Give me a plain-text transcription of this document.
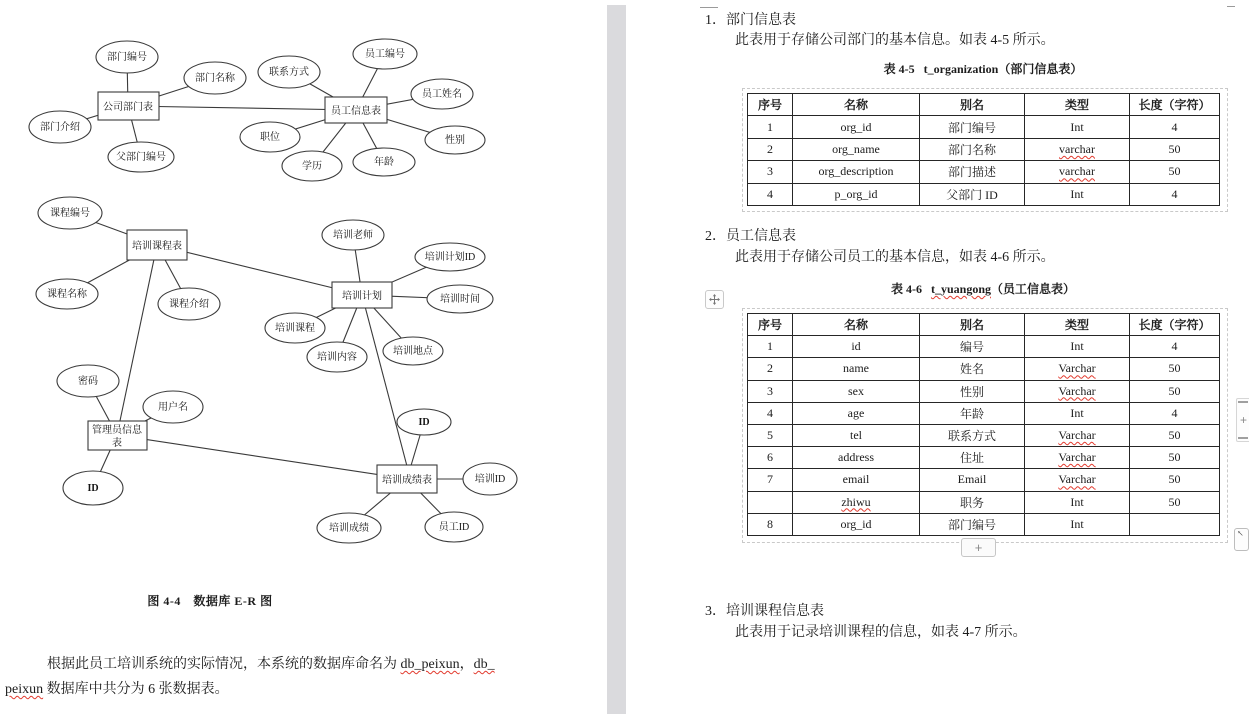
部门编号
部门名称
部门介绍
父部门编号
联系方式
员工编号
员工姓名
性别
职位
学历	年龄
课程编号
课程名称
课程介绍
培训老师
培训计划ID
培训时间
培训课程
培训内容
培训地点
密码
用户名
ID
ID
培训ID
培训成绩	员工ID
公司部门表	员工信息表
培训课程表
培训计划
管理员信息
表
培训成绩表
图 4-4　数据库 E-R 图
根据此员工培训系统的实际情况，本系统的数据库命名为 db_peixun，db_
peixun 数据库中共分为 6 张数据表。
1．部门信息表
此表用于存储公司部门的基本信息。如表 4-5 所示。
表 4-5 t_organization（部门信息表）
序号	名称	别名	类型	长度（字符）
1	org_id	部门编号	Int	4
2	org_name	部门名称	varchar	50
3	org_description	部门描述	varchar	50
4	p_org_id	父部门 ID	Int	4
2．员工信息表
此表用于存储公司员工的基本信息，如表 4-6 所示。
表 4-6 t_yuangong（员工信息表）
序号	名称	别名	类型	长度（字符）
1	id	编号	Int	4
2	name	姓名	Varchar	50
3	sex	性别	Varchar	50
4	age	年龄	Int	4
5	tel	联系方式	Varchar	50
6	address	住址	Varchar	50
7	email	Email	Varchar	50
	zhiwu	职务	Int	50
8	org_id	部门编号	Int	
+
+
↖
3．培训课程信息表
此表用于记录培训课程的信息，如表 4-7 所示。
